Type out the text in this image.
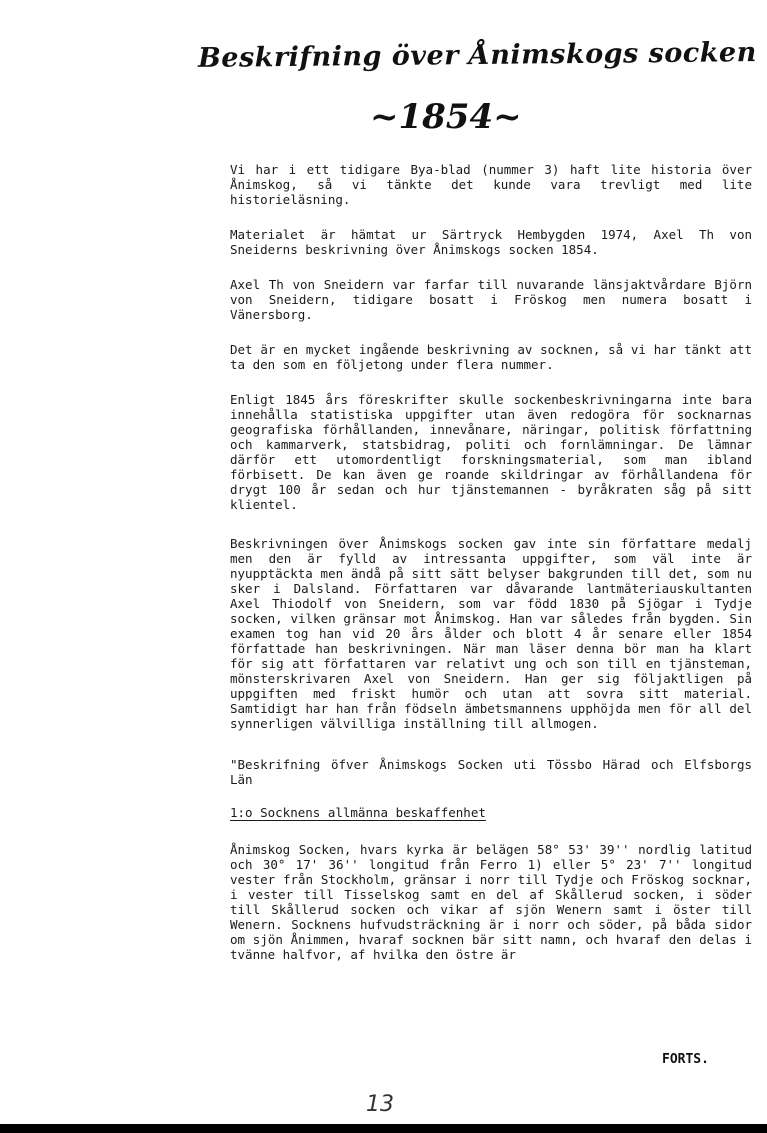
Beskrifning över Ånimskogs socken
~1854~

Vi har i ett tidigare Bya-blad (nummer 3) haft lite historia över Ånimskog, så vi tänkte det kunde vara trevligt med lite historieläsning.

Materialet är hämtat ur Särtryck Hembygden 1974, Axel Th von Sneiderns beskrivning över Ånimskogs socken 1854.

Axel Th von Sneidern var farfar till nuvarande länsjaktvårdare Björn von Sneidern, tidigare bosatt i Fröskog men numera bosatt i Vänersborg.

Det är en mycket ingående beskrivning av socknen, så vi har tänkt att ta den som en följetong under flera nummer.

Enligt 1845 års föreskrifter skulle sockenbeskrivningarna inte bara innehålla statistiska uppgifter utan även redogöra för socknarnas geografiska förhållanden, innevånare, näringar, politisk författning och kammarverk, statsbidrag, politi och fornlämningar. De lämnar därför ett utomordentligt forskningsmaterial, som man ibland förbisett. De kan även ge roande skildringar av förhållandena för drygt 100 år sedan och hur tjänstemannen - byråkraten såg på sitt klientel.

Beskrivningen över Ånimskogs socken gav inte sin författare medalj men den är fylld av intressanta uppgifter, som väl inte är nyupptäckta men ändå på sitt sätt belyser bakgrunden till det, som nu sker i Dalsland. Författaren var dåvarande lantmäteriauskultanten Axel Thiodolf von Sneidern, som var född 1830 på Sjögar i Tydje socken, vilken gränsar mot Ånimskog. Han var således från bygden. Sin examen tog han vid 20 års ålder och blott 4 år senare eller 1854 författade han beskrivningen. När man läser denna bör man ha klart för sig att författaren var relativt ung och son till en tjänsteman, mönsterskrivaren Axel von Sneidern. Han ger sig följaktligen på uppgiften med friskt humör och utan att sovra sitt material. Samtidigt har han från födseln ämbetsmannens upphöjda men för all del synnerligen välvilliga inställning till allmogen.

"Beskrifning öfver Ånimskogs Socken uti Tössbo Härad och Elfsborgs Län

1:o Socknens allmänna beskaffenhet

Ånimskog Socken, hvars kyrka är belägen 58° 53' 39'' nordlig latitud och 30° 17' 36'' longitud från Ferro 1) eller 5° 23' 7'' longitud vester från Stockholm, gränsar i norr till Tydje och Fröskog socknar, i vester till Tisselskog samt en del af Skållerud socken, i söder till Skållerud socken och vikar af sjön Wenern samt i öster till Wenern. Socknens hufvudsträckning är i norr och söder, på båda sidor om sjön Ånimmen, hvaraf socknen bär sitt namn, och hvaraf den delas i tvänne halfvor, af hvilka den östre är

FORTS.
13
